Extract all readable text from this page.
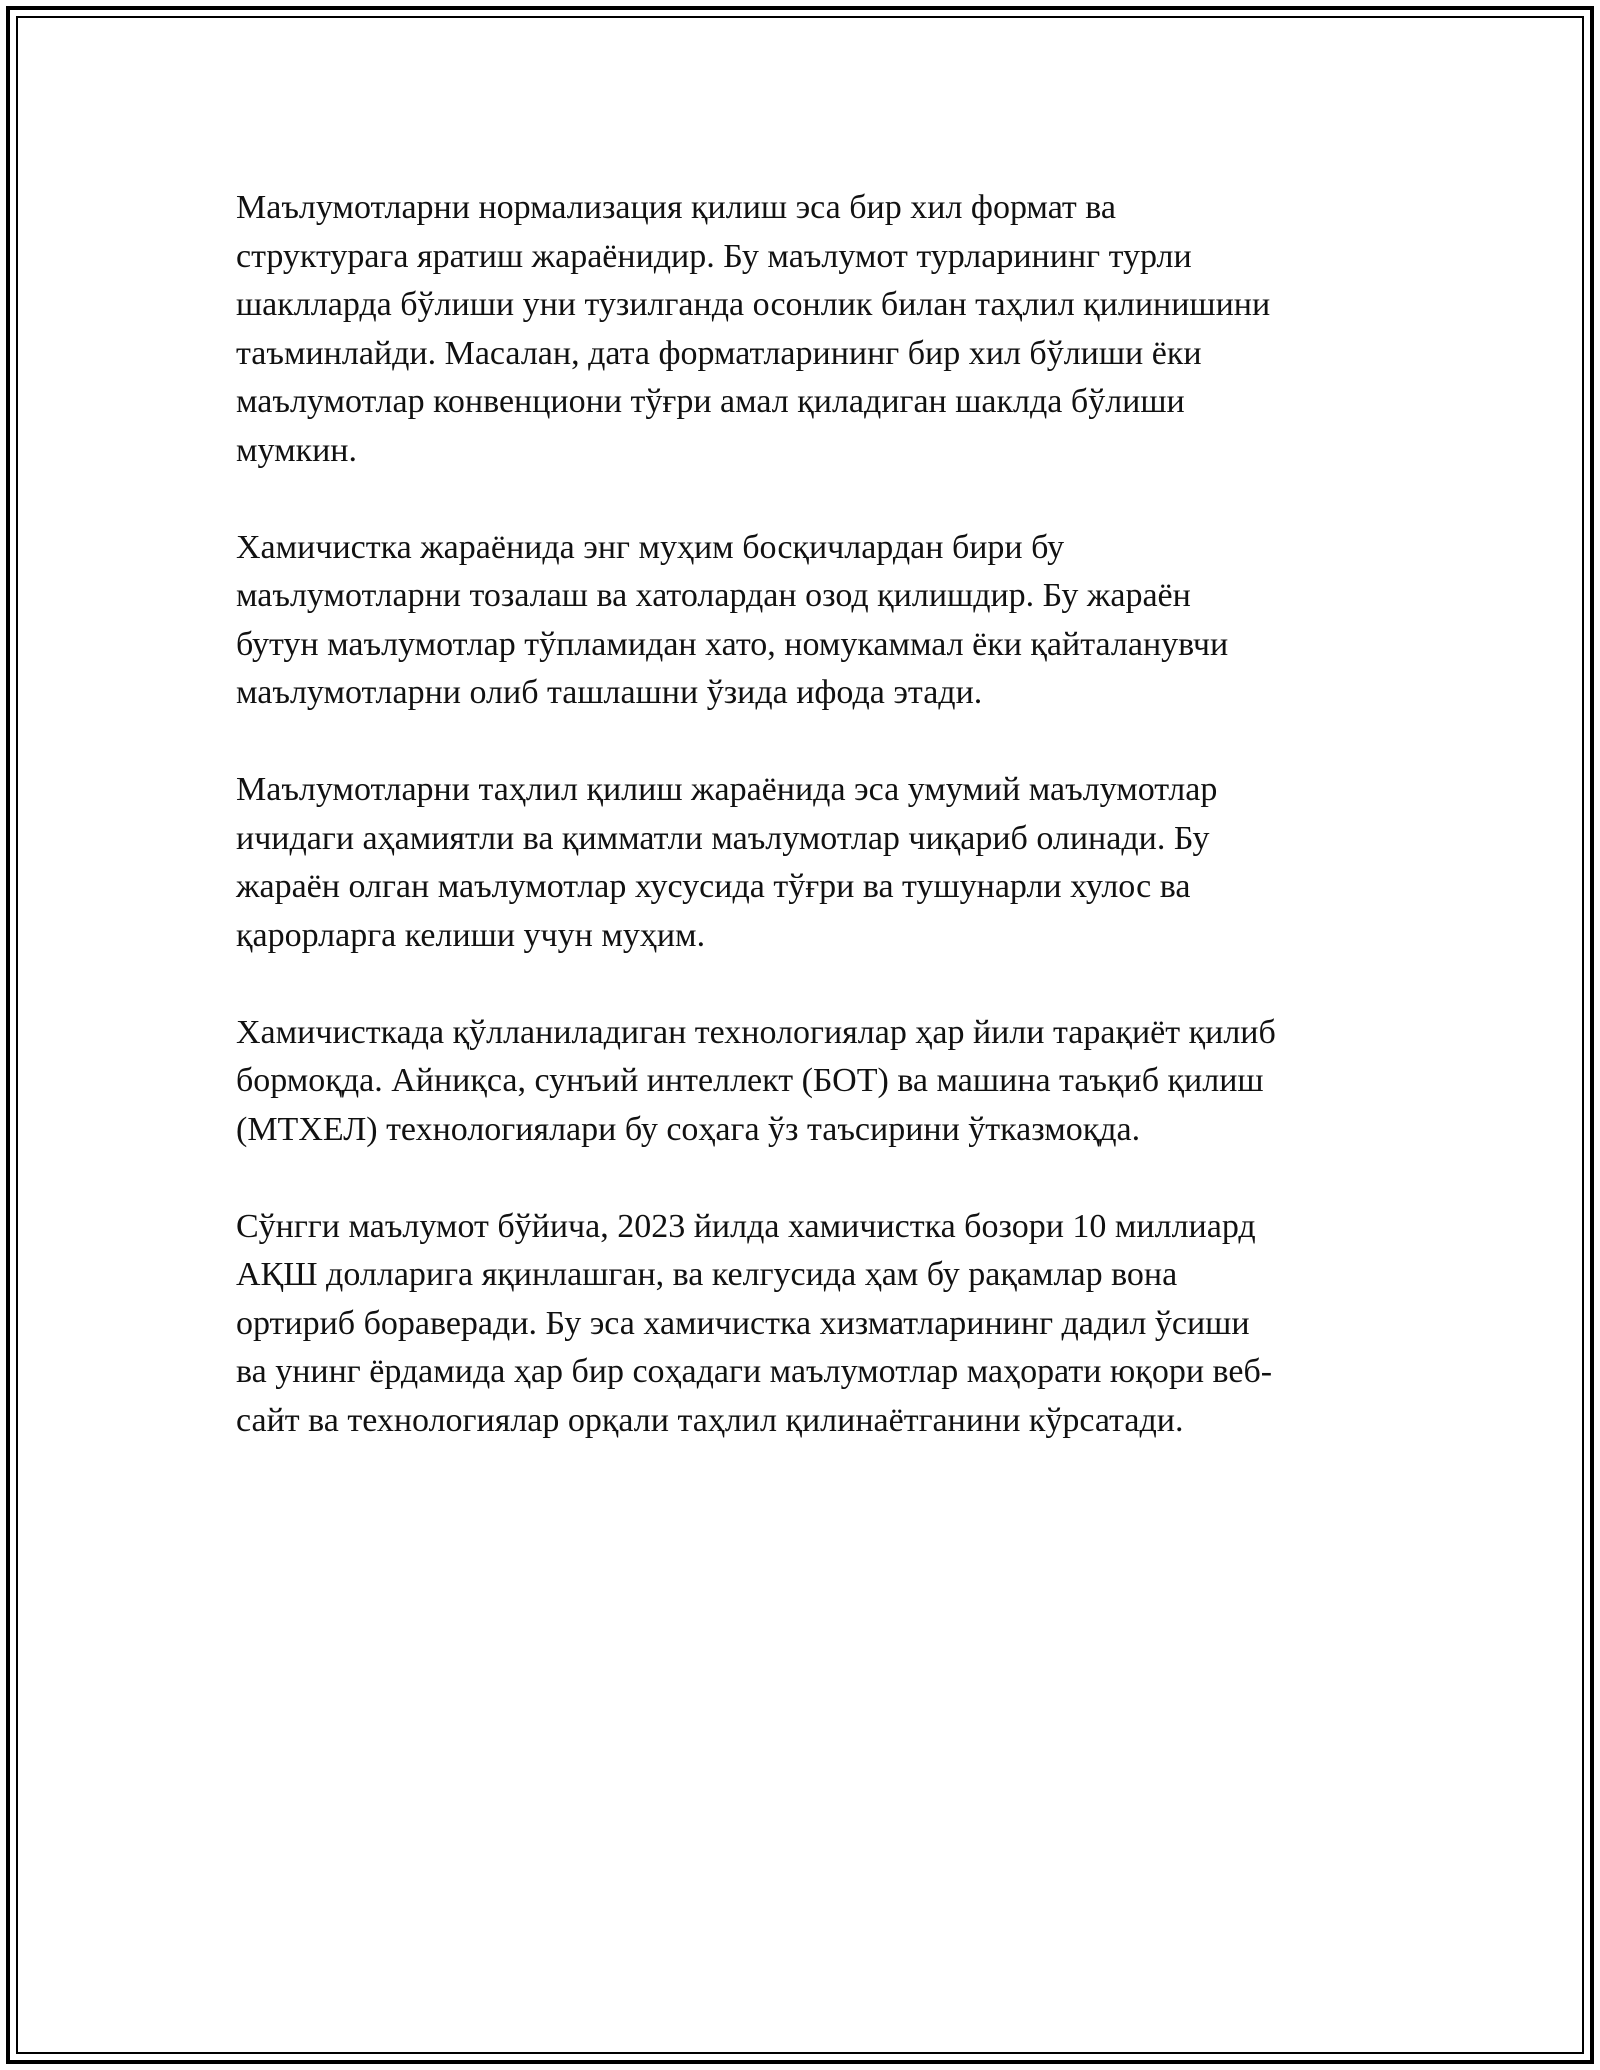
Маълумотларни нормализация қилиш эса бир хил формат ва
структурага яратиш жараёнидир. Бу маълумот турларининг турли
шаклларда бўлиши уни тузилганда осонлик билан таҳлил қилинишини
таъминлайди. Масалан, дата форматларининг бир хил бўлиши ёки
маълумотлар конвенциони тўғри амал қиладиган шаклда бўлиши
мумкин.

Хамичистка жараёнида энг муҳим босқичлардан бири бу
маълумотларни тозалаш ва хатолардан озод қилишдир. Бу жараён
бутун маълумотлар тўпламидан хато, номукаммал ёки қайталанувчи
маълумотларни олиб ташлашни ўзида ифода этади.

Маълумотларни таҳлил қилиш жараёнида эса умумий маълумотлар
ичидаги аҳамиятли ва қимматли маълумотлар чиқариб олинади. Бу
жараён олган маълумотлар хусусида тўғри ва тушунарли хулос ва
қарорларга келиши учун муҳим.

Хамичисткада қўлланиладиган технологиялар ҳар йили тарақиёт қилиб
бормоқда. Айниқса, сунъий интеллект (БОТ) ва машина таъқиб қилиш
(МТХЕЛ) технологиялари бу соҳага ўз таъсирини ўтказмоқда.

Сўнгги маълумот бўйича, 2023 йилда хамичистка бозори 10 миллиард
АҚШ долларига яқинлашган, ва келгусида ҳам бу рақамлар вона
ортириб бораверади. Бу эса хамичистка хизматларининг дадил ўсиши
ва унинг ёрдамида ҳар бир соҳадаги маълумотлар маҳорати юқори веб-
сайт ва технологиялар орқали таҳлил қилинаётганини кўрсатади.
